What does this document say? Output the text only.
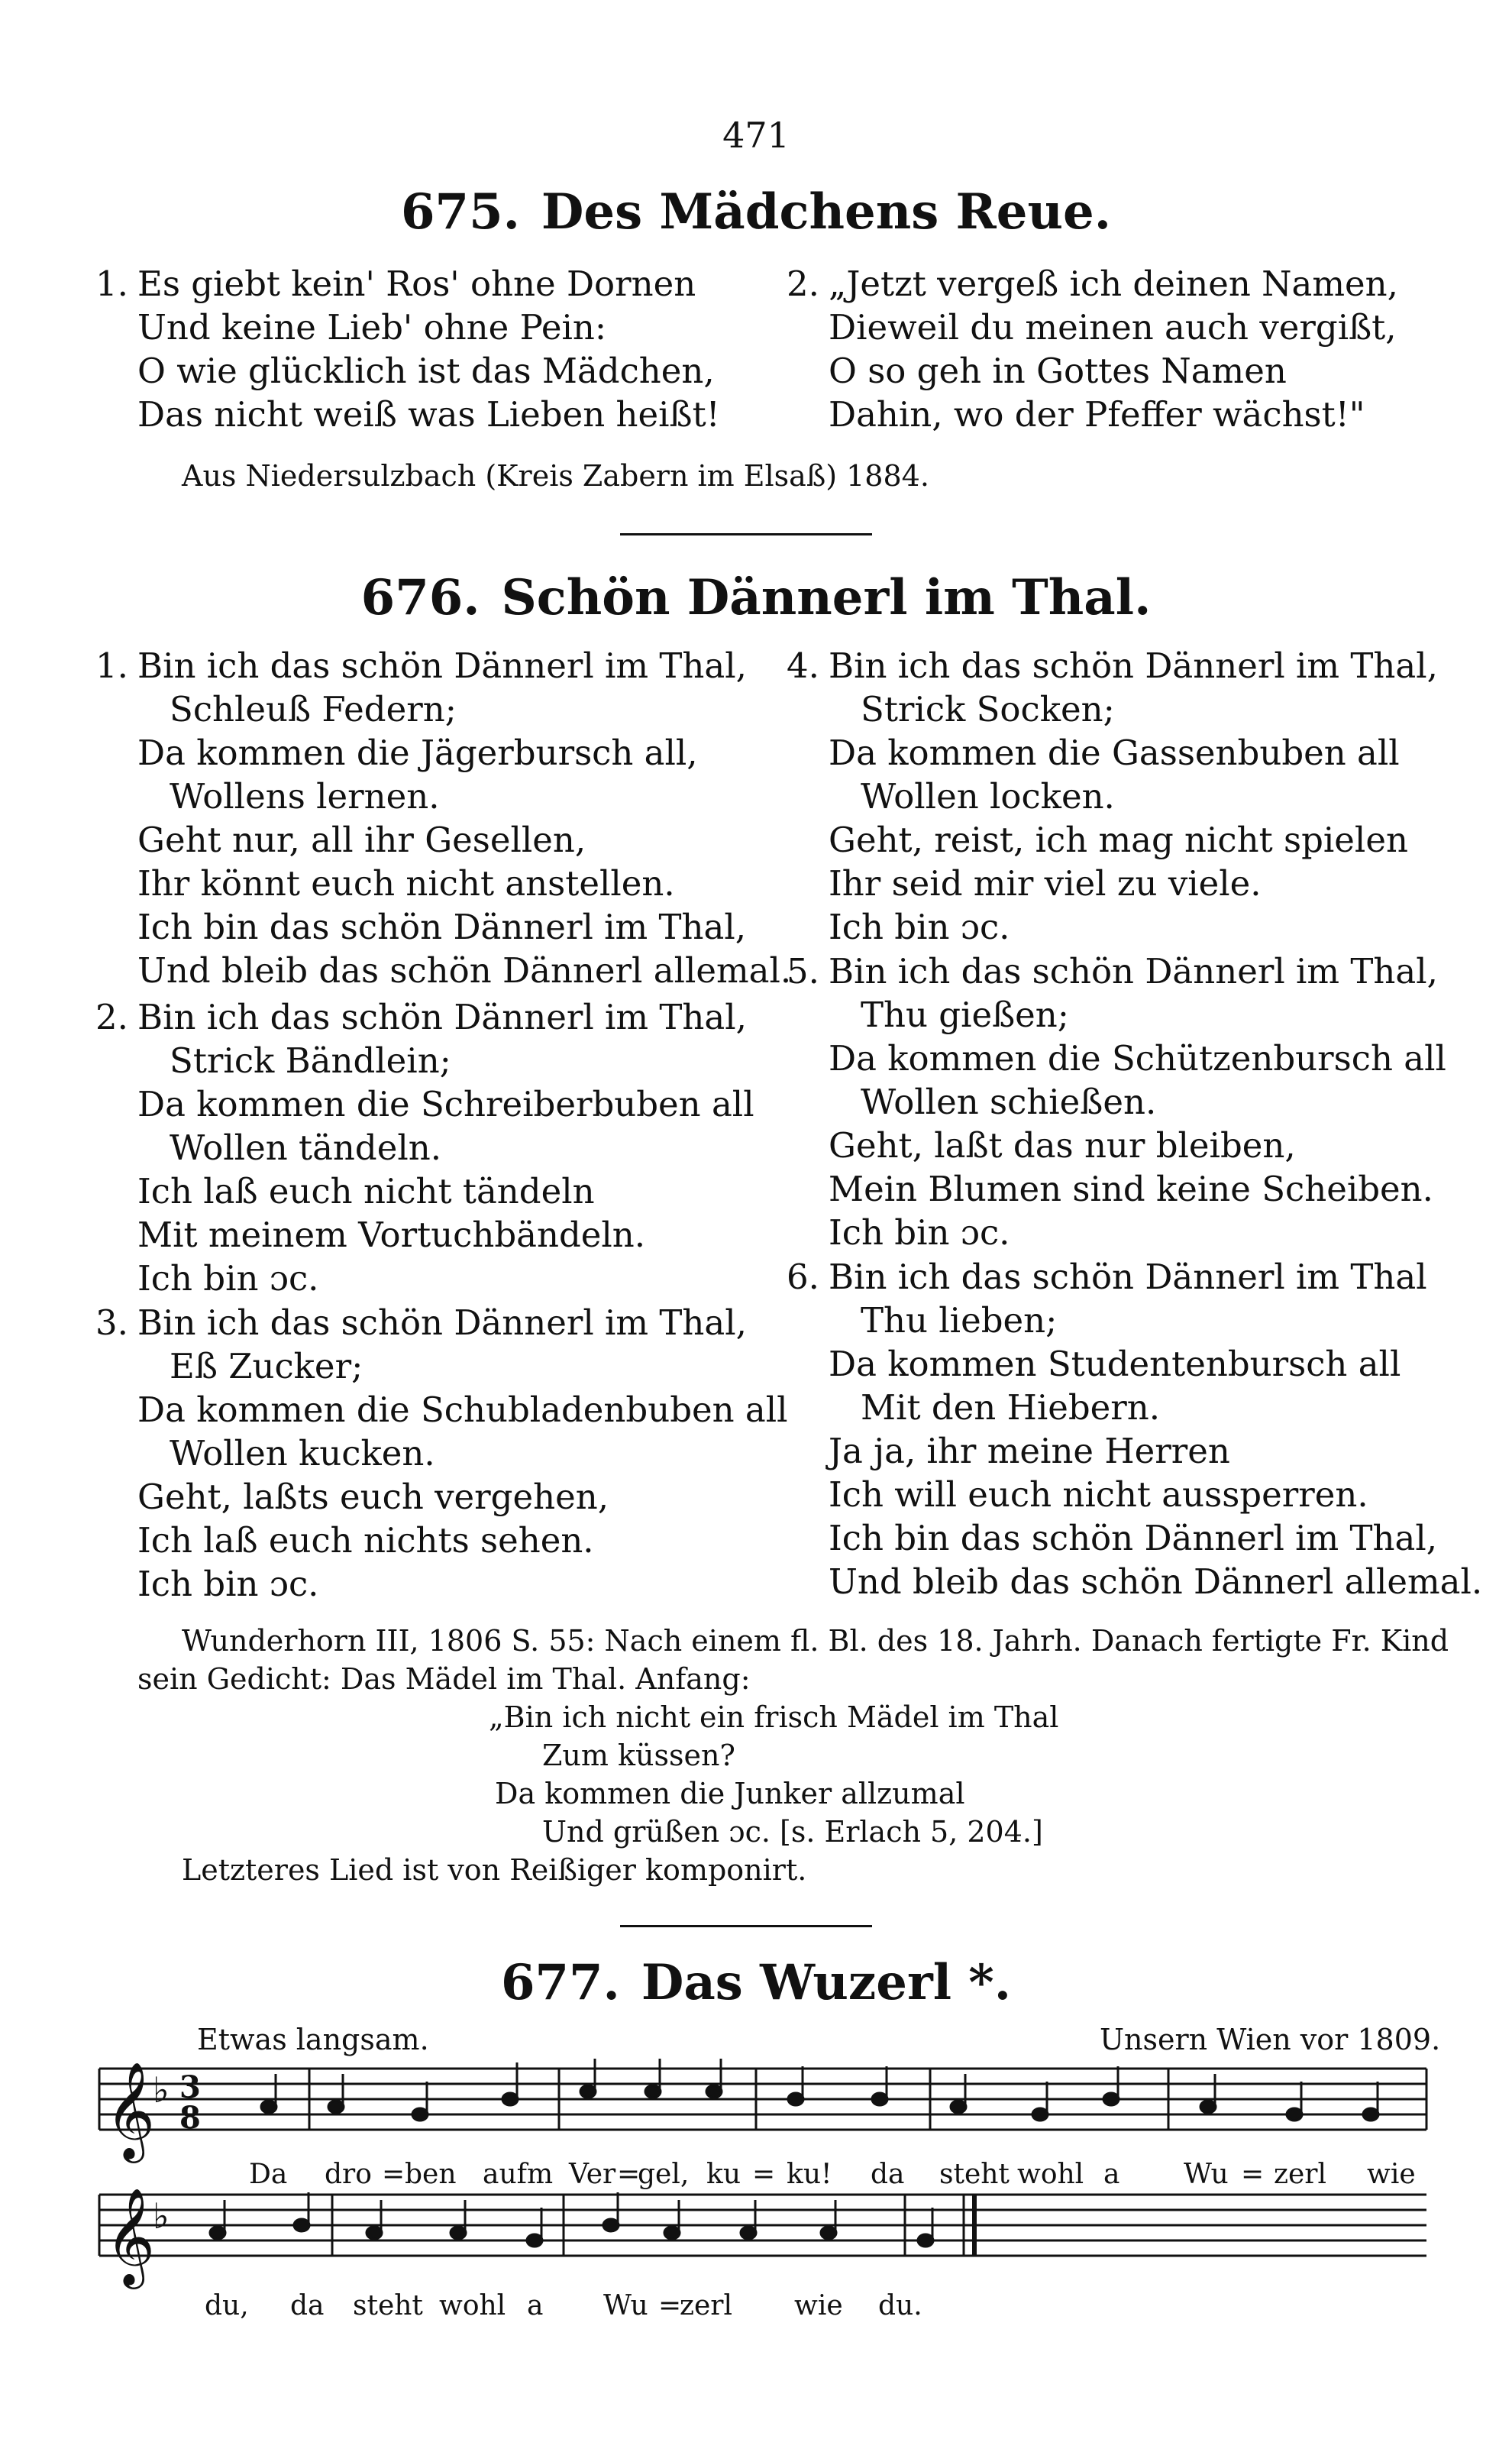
471
675. Des Mädchens Reue.
1. Es giebt kein' Ros' ohne Dornen
Und keine Lieb' ohne Pein:
O wie glücklich ist das Mädchen,
Das nicht weiß was Lieben heißt!
2. „Jetzt vergeß ich deinen Namen,
Dieweil du meinen auch vergißt,
O so geh in Gottes Namen
Dahin, wo der Pfeffer wächst!"
Aus Niedersulzbach (Kreis Zabern im Elsaß) 1884.
676. Schön Dännerl im Thal.
1. Bin ich das schön Dännerl im Thal,
Schleuß Federn;
Da kommen die Jägerbursch all,
Wollens lernen.
Geht nur, all ihr Gesellen,
Ihr könnt euch nicht anstellen.
Ich bin das schön Dännerl im Thal,
Und bleib das schön Dännerl allemal.
2. Bin ich das schön Dännerl im Thal,
Strick Bändlein;
Da kommen die Schreiberbuben all
Wollen tändeln.
Ich laß euch nicht tändeln
Mit meinem Vortuchbändeln.
Ich bin ɔc.
3. Bin ich das schön Dännerl im Thal,
Eß Zucker;
Da kommen die Schubladenbuben all
Wollen kucken.
Geht, laßts euch vergehen,
Ich laß euch nichts sehen.
Ich bin ɔc.
4. Bin ich das schön Dännerl im Thal,
Strick Socken;
Da kommen die Gassenbuben all
Wollen locken.
Geht, reist, ich mag nicht spielen
Ihr seid mir viel zu viele.
Ich bin ɔc.
5. Bin ich das schön Dännerl im Thal,
Thu gießen;
Da kommen die Schützenbursch all
Wollen schießen.
Geht, laßt das nur bleiben,
Mein Blumen sind keine Scheiben.
Ich bin ɔc.
6. Bin ich das schön Dännerl im Thal
Thu lieben;
Da kommen Studentenbursch all
Mit den Hiebern.
Ja ja, ihr meine Herren
Ich will euch nicht aussperren.
Ich bin das schön Dännerl im Thal,
Und bleib das schön Dännerl allemal.
Wunderhorn III, 1806 S. 55: Nach einem fl. Bl. des 18. Jahrh. Danach fertigte Fr. Kind
sein Gedicht: Das Mädel im Thal. Anfang:
„Bin ich nicht ein frisch Mädel im Thal
Zum küssen?
Da kommen die Junker allzumal
Und grüßen ɔc. [s. Erlach 5, 204.]
Letzteres Lied ist von Reißiger komponirt.
677. Das Wuzerl *.
Etwas langsam.	Unsern Wien vor 1809.
𝄞
𝄞
♭
♭
3
8
Da dro = ben aufm Ver =
gel, ku = ku! da steht wohl a Wu = zerl wie
du, da steht wohl a Wu =
zerl wie du.
